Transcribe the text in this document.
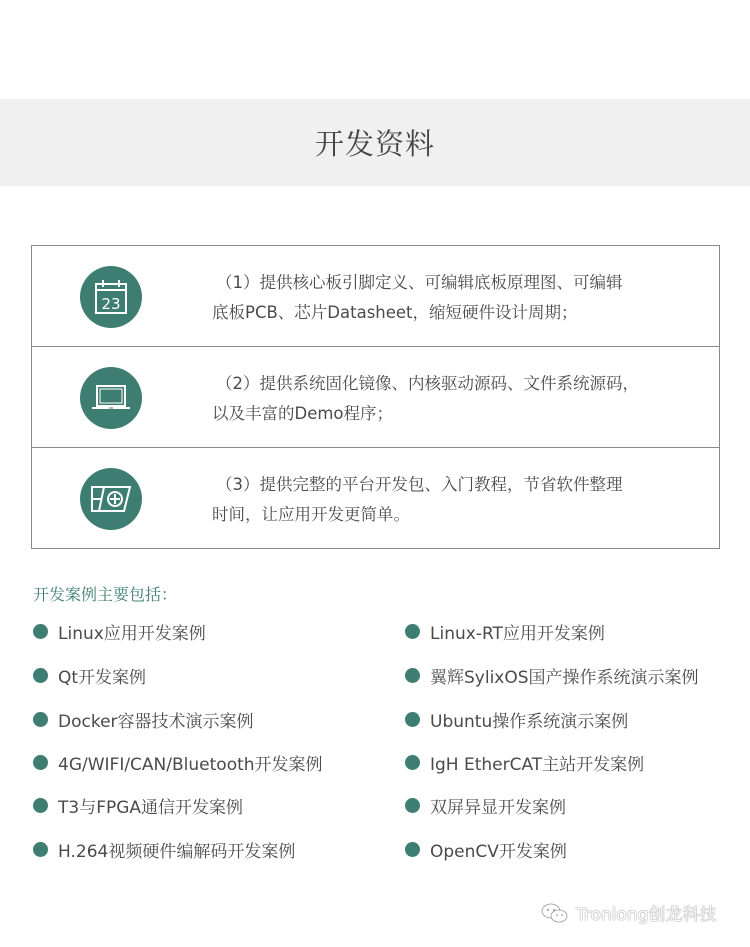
开发资料
23
（1）提供核心板引脚定义、可编辑底板原理图、可编辑
底板PCB、芯片Datasheet，缩短硬件设计周期；
（2）提供系统固化镜像、内核驱动源码、文件系统源码，
以及丰富的Demo程序；
（3）提供完整的平台开发包、入门教程，节省软件整理
时间，让应用开发更简单。
开发案例主要包括：
Linux应用开发案例
Qt开发案例
Docker容器技术演示案例
4G/WIFI/CAN/Bluetooth开发案例
T3与FPGA通信开发案例
H.264视频硬件编解码开发案例
Linux-RT应用开发案例
翼辉SylixOS国产操作系统演示案例
Ubuntu操作系统演示案例
IgH EtherCAT主站开发案例
双屏异显开发案例
OpenCV开发案例
Tronlong创龙科技
